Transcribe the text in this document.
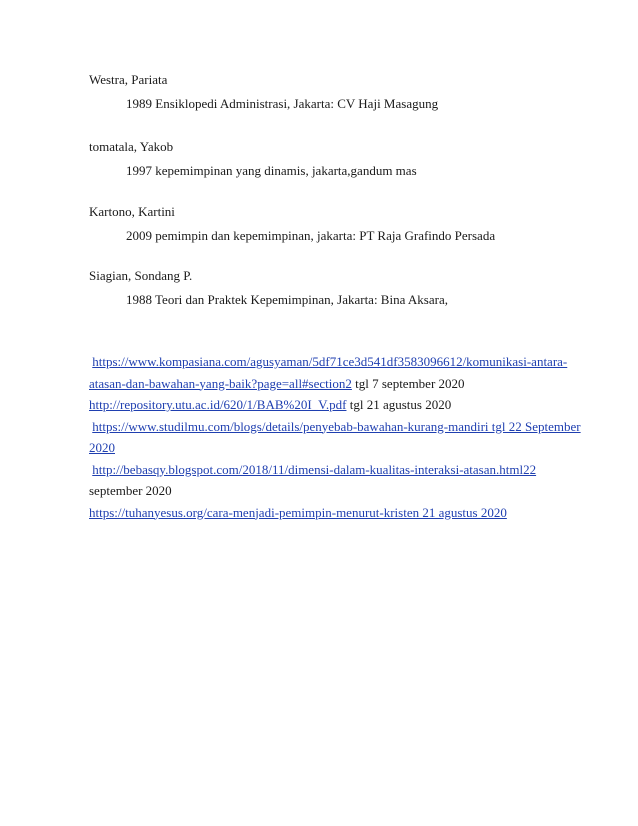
Westra, Pariata
1989 Ensiklopedi Administrasi, Jakarta: CV Haji Masagung
tomatala, Yakob
1997 kepemimpinan yang dinamis, jakarta,gandum mas
Kartono, Kartini
2009 pemimpin dan kepemimpinan, jakarta: PT Raja Grafindo Persada
Siagian, Sondang P.
1988 Teori dan Praktek Kepemimpinan, Jakarta: Bina Aksara,
https://www.kompasiana.com/agusyaman/5df71ce3d541df3583096612/komunikasi-antara-
atasan-dan-bawahan-yang-baik?page=all#section2 tgl 7 september 2020
http://repository.utu.ac.id/620/1/BAB%20I_V.pdf tgl 21 agustus 2020
https://www.studilmu.com/blogs/details/penyebab-bawahan-kurang-mandiri tgl 22 September
2020
http://bebasqy.blogspot.com/2018/11/dimensi-dalam-kualitas-interaksi-atasan.html22
september 2020
https://tuhanyesus.org/cara-menjadi-pemimpin-menurut-kristen 21 agustus 2020
